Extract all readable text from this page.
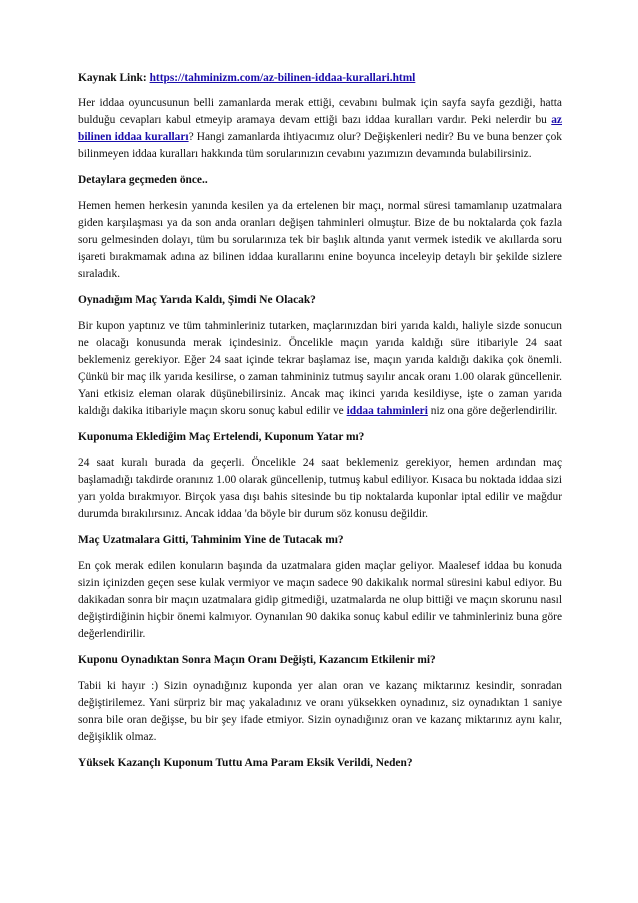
Kaynak Link: https://tahminizm.com/az-bilinen-iddaa-kurallari.html

Her iddaa oyuncusunun belli zamanlarda merak ettiği, cevabını bulmak için sayfa sayfa gezdiği, hatta bulduğu cevapları kabul etmeyip aramaya devam ettiği bazı iddaa kuralları vardır. Peki nelerdir bu az bilinen iddaa kuralları? Hangi zamanlarda ihtiyacımız olur? Değişkenleri nedir? Bu ve buna benzer çok bilinmeyen iddaa kuralları hakkında tüm sorularınızın cevabını yazımızın devamında bulabilirsiniz.

Detaylara geçmeden önce..

Hemen hemen herkesin yanında kesilen ya da ertelenen bir maçı, normal süresi tamamlanıp uzatmalara giden karşılaşması ya da son anda oranları değişen tahminleri olmuştur. Bize de bu noktalarda çok fazla soru gelmesinden dolayı, tüm bu sorularınıza tek bir başlık altında yanıt vermek istedik ve akıllarda soru işareti bırakmamak adına az bilinen iddaa kurallarını enine boyunca inceleyip detaylı bir şekilde sizlere sıraladık.

Oynadığım Maç Yarıda Kaldı, Şimdi Ne Olacak?

Bir kupon yaptınız ve tüm tahminleriniz tutarken, maçlarınızdan biri yarıda kaldı, haliyle sizde sonucun ne olacağı konusunda merak içindesiniz. Öncelikle maçın yarıda kaldığı süre itibariyle 24 saat beklemeniz gerekiyor. Eğer 24 saat içinde tekrar başlamaz ise, maçın yarıda kaldığı dakika çok önemli. Çünkü bir maç ilk yarıda kesilirse, o zaman tahmininiz tutmuş sayılır ancak oranı 1.00 olarak güncellenir. Yani etkisiz eleman olarak düşünebilirsiniz. Ancak maç ikinci yarıda kesildiyse, işte o zaman yarıda kaldığı dakika itibariyle maçın skoru sonuç kabul edilir ve iddaa tahminleri niz ona göre değerlendirilir.

Kuponuma Eklediğim Maç Ertelendi, Kuponum Yatar mı?

24 saat kuralı burada da geçerli. Öncelikle 24 saat beklemeniz gerekiyor, hemen ardından maç başlamadığı takdirde oranınız 1.00 olarak güncellenip, tutmuş kabul ediliyor. Kısaca bu noktada iddaa sizi yarı yolda bırakmıyor. Birçok yasa dışı bahis sitesinde bu tip noktalarda kuponlar iptal edilir ve mağdur durumda bırakılırsınız. Ancak iddaa 'da böyle bir durum söz konusu değildir.

Maç Uzatmalara Gitti, Tahminim Yine de Tutacak mı?

En çok merak edilen konuların başında da uzatmalara giden maçlar geliyor. Maalesef iddaa bu konuda sizin içinizden geçen sese kulak vermiyor ve maçın sadece 90 dakikalık normal süresini kabul ediyor. Bu dakikadan sonra bir maçın uzatmalara gidip gitmediği, uzatmalarda ne olup bittiği ve maçın skorunu nasıl değiştirdiğinin hiçbir önemi kalmıyor. Oynanılan 90 dakika sonuç kabul edilir ve tahminleriniz buna göre değerlendirilir.

Kuponu Oynadıktan Sonra Maçın Oranı Değişti, Kazancım Etkilenir mi?

Tabii ki hayır :) Sizin oynadığınız kuponda yer alan oran ve kazanç miktarınız kesindir, sonradan değiştirilemez. Yani sürpriz bir maç yakaladınız ve oranı yüksekken oynadınız, siz oynadıktan 1 saniye sonra bile oran değişse, bu bir şey ifade etmiyor. Sizin oynadığınız oran ve kazanç miktarınız aynı kalır, değişiklik olmaz.

Yüksek Kazançlı Kuponum Tuttu Ama Param Eksik Verildi, Neden?
